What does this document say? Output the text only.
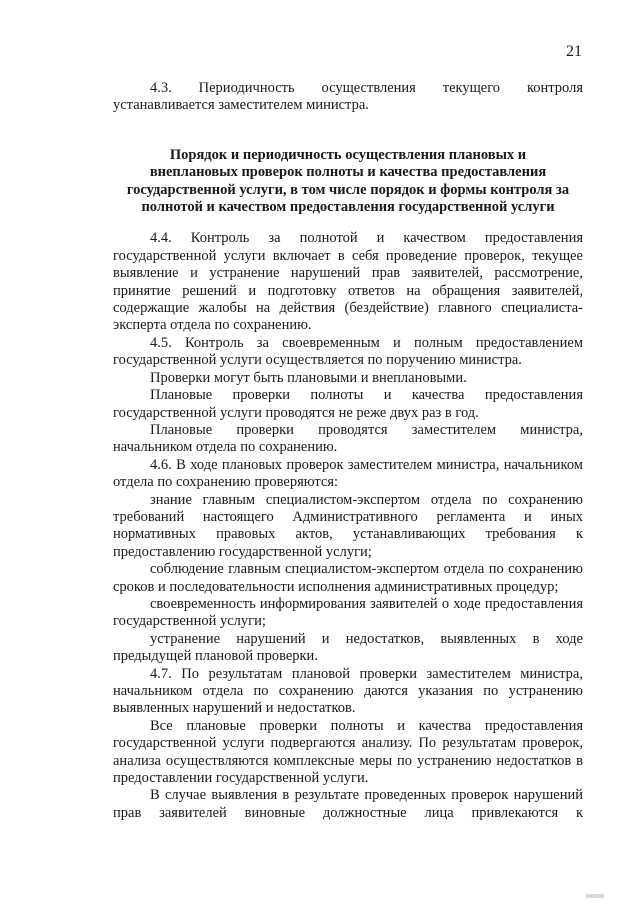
21

4.3. Периодичность осуществления текущего контроля устанавливается заместителем министра.

Порядок и периодичность осуществления плановых и
внеплановых проверок полноты и качества предоставления
государственной услуги, в том числе порядок и формы контроля за
полнотой и качеством предоставления государственной услуги

4.4. Контроль за полнотой и качеством предоставления государственной услуги включает в себя проведение проверок, текущее выявление и устранение нарушений прав заявителей, рассмотрение, принятие решений и подготовку ответов на обращения заявителей, содержащие жалобы на действия (бездействие) главного специалиста-эксперта отдела по сохранению.

4.5. Контроль за своевременным и полным предоставлением государственной услуги осуществляется по поручению министра.

Проверки могут быть плановыми и внеплановыми.

Плановые проверки полноты и качества предоставления государственной услуги проводятся не реже двух раз в год.

Плановые проверки проводятся заместителем министра, начальником отдела по сохранению.

4.6. В ходе плановых проверок заместителем министра, начальником отдела по сохранению проверяются:

знание главным специалистом-экспертом отдела по сохранению требований настоящего Административного регламента и иных нормативных правовых актов, устанавливающих требования к предоставлению государственной услуги;

соблюдение главным специалистом-экспертом отдела по сохранению сроков и последовательности исполнения административных процедур;

своевременность информирования заявителей о ходе предоставления государственной услуги;

устранение нарушений и недостатков, выявленных в ходе предыдущей плановой проверки.

4.7. По результатам плановой проверки заместителем министра, начальником отдела по сохранению даются указания по устранению выявленных нарушений и недостатков.

Все плановые проверки полноты и качества предоставления государственной услуги подвергаются анализу. По результатам проверок, анализа осуществляются комплексные меры по устранению недостатков в предоставлении государственной услуги.

В случае выявления в результате проведенных проверок нарушений прав заявителей виновные должностные лица привлекаются к
